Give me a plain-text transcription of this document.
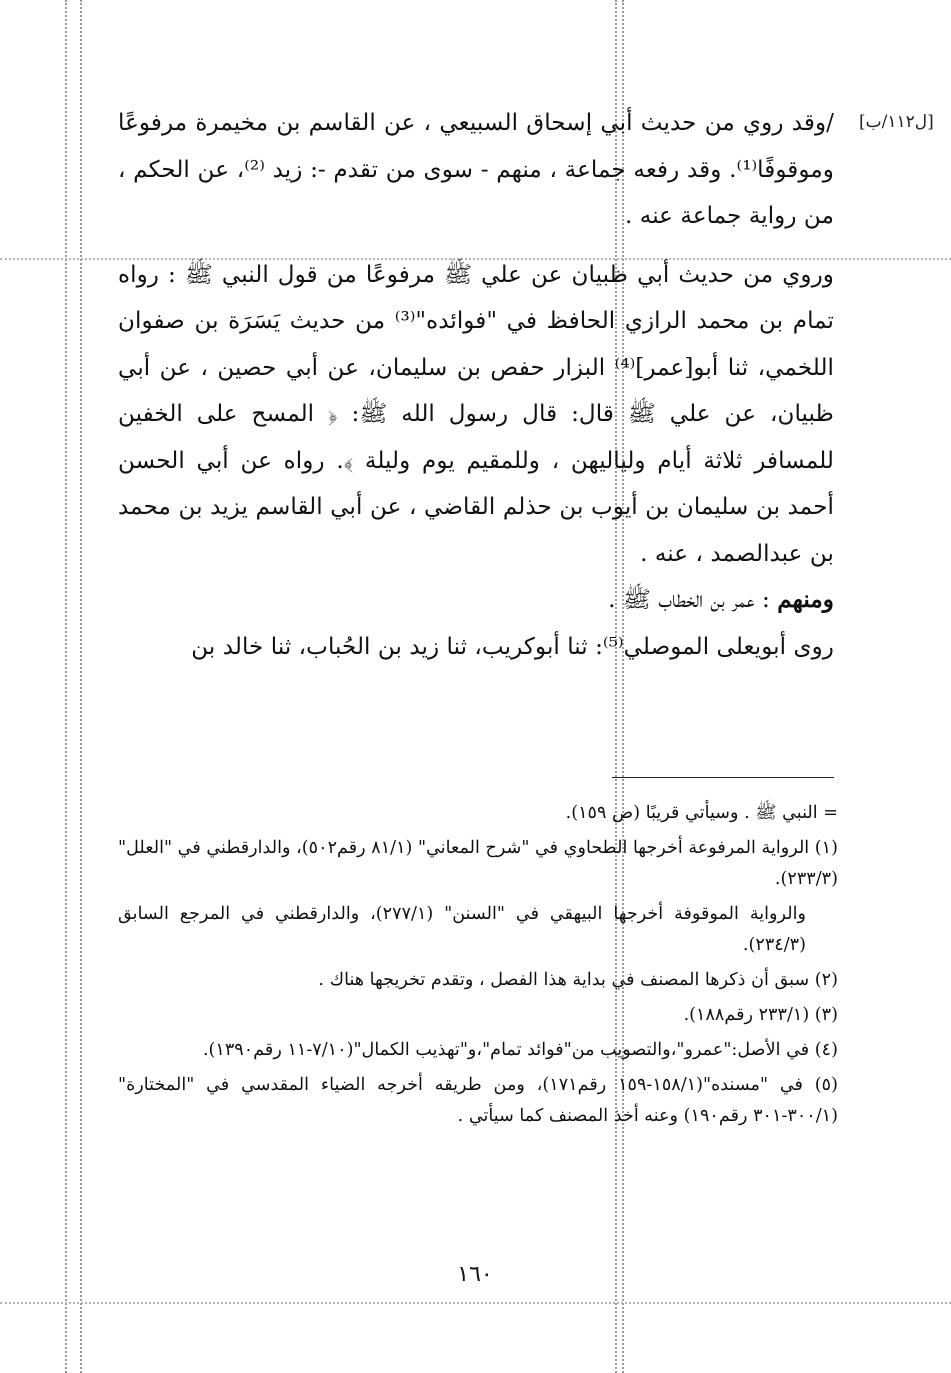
[ل١١٢/ب]

/وقد روي من حديث أبي إسحاق السبيعي ، عن القاسم بن مخيمرة مرفوعًا وموقوفًا⁽¹⁾. وقد رفعه جماعة ، منهم - سوى من تقدم -: زيد ⁽²⁾، عن الحكم ، من رواية جماعة عنه .

وروي من حديث أبي ظبيان عن علي ﷺ مرفوعًا من قول النبي ﷺ : رواه تمام بن محمد الرازي الحافظ في "فوائده"⁽³⁾ من حديث يَسَرَة بن صفوان اللخمي، ثنا أبو[عمر]⁽⁴⁾ البزار حفص بن سليمان، عن أبي حصين ، عن أبي ظبيان، عن علي ﷺ قال: قال رسول الله ﷺ: ﴿ المسح على الخفين للمسافر ثلاثة أيام ولياليهن ، وللمقيم يوم وليلة ﴾. رواه عن أبي الحسن أحمد بن سليمان بن أيوب بن حذلم القاضي ، عن أبي القاسم يزيد بن محمد بن عبدالصمد ، عنه .

ومنهم : عمر بن الخطاب ﷺ .

روى أبويعلى الموصلي⁽⁵⁾: ثنا أبوكريب، ثنا زيد بن الحُباب، ثنا خالد بن

= النبي ﷺ . وسيأتي قريبًا (ص ١٥٩).

(١) الرواية المرفوعة أخرجها الطحاوي في "شرح المعاني" (٨١/١ رقم٥٠٢)، والدارقطني في "العلل" (٢٣٣/٣).

والرواية الموقوفة أخرجها البيهقي في "السنن" (٢٧٧/١)، والدارقطني في المرجع السابق (٢٣٤/٣).

(٢) سبق أن ذكرها المصنف في بداية هذا الفصل ، وتقدم تخريجها هناك .

(٣) (٢٣٣/١ رقم١٨٨).

(٤) في الأصل:"عمرو"،والتصويب من"فوائد تمام"،و"تهذيب الكمال"(٧/١٠-١١ رقم١٣٩٠).

(٥) في "مسنده"(١٥٨/١-١٥٩ رقم١٧١)، ومن طريقه أخرجه الضياء المقدسي في "المختارة" (٣٠٠/١-٣٠١ رقم١٩٠) وعنه أخذ المصنف كما سيأتي .

١٦٠
